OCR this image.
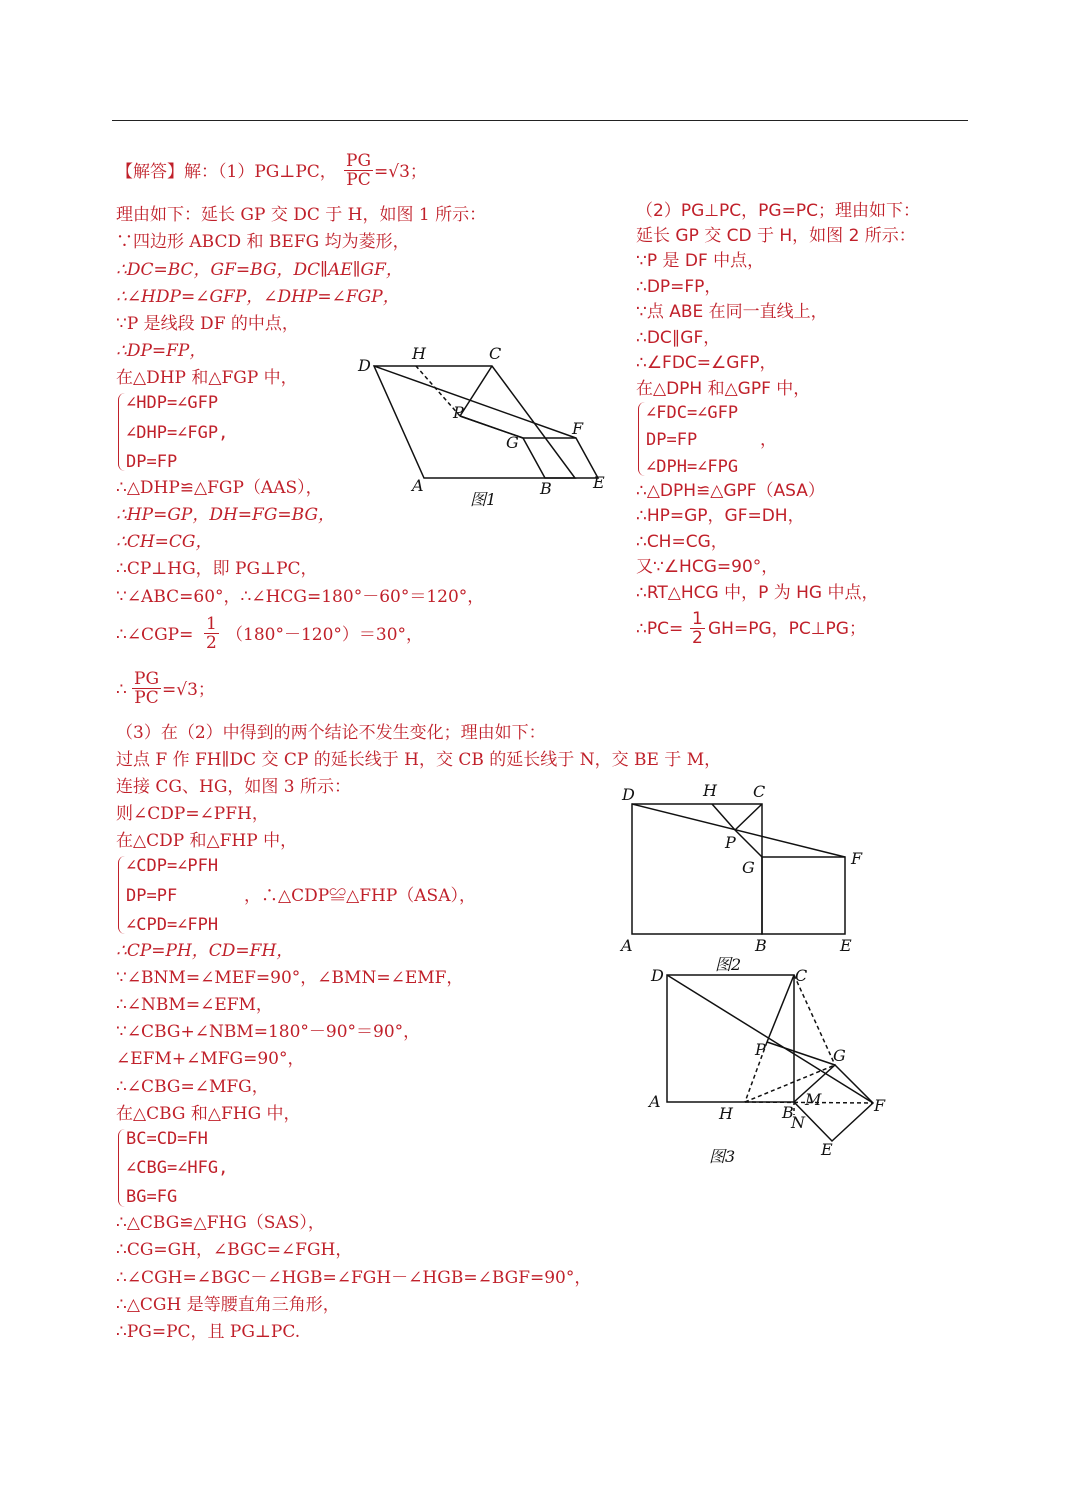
【解答】解：（1）PG⊥PC， $\frac{PG}{PC} =√3$；
理由如下：延长 GP 交 DC 于 H，如图 1 所示：
∵四边形 ABCD 和 BEFG 均为菱形，
∴DC=BC，GF=BG，DC∥AE∥GF，
∴∠HDP=∠GFP，∠DHP=∠FGP，
∵P 是线段 DF 的中点，
∴DP=FP，
在△DHP 和△FGP 中，
∠HDP=∠GFP
∠DHP=∠FGP,
DP=FP
∴△DHP≌△FGP（AAS），
∴HP=GP，DH=FG=BG，
∴CH=CG，
∴CP⊥HG，即 PG⊥PC，
∵∠ABC=60°，∴∠HCG=180°－60°＝120°，
∴∠CGP= $\frac{1}{2} (180^\circ-120^\circ)=30^\circ$，
∴ $\frac{PG}{PC} =√3$；
（3）在（2）中得到的两个结论不发生变化；理由如下：
过点 F 作 FH∥DC 交 CP 的延长线于 H，交 CB 的延长线于 N，交 BE 于 M，
连接 CG、HG，如图 3 所示：
则∠CDP=∠PFH，
在△CDP 和△FHP 中，
∠CDP=∠PFH
DP=PF
∠CPD=∠FPH
，∴△CDP≌△FHP（ASA），
∴CP=PH，CD=FH，
∵∠BNM=∠MEF=90°，∠BMN=∠EMF，
∴∠NBM=∠EFM，
∵∠CBG+∠NBM=180°－90°＝90°，
∠EFM+∠MFG=90°，
∴∠CBG=∠MFG，
在△CBG 和△FHG 中，
BC=CD=FH
∠CBG=∠HFG,
BG=FG
∴△CBG≌△FHG（SAS），
∴CG=GH，∠BGC=∠FGH，
∴∠CGH=∠BGC－∠HGB=∠FGH－∠HGB=∠BGF=90°，
∴△CGH 是等腰直角三角形，
∴PG=PC，且 PG⊥PC.
（2）PG⊥PC，PG=PC；理由如下：
延长 GP 交 CD 于 H，如图 2 所示：
∵P 是 DF 中点，
∴DP=FP，
∵点 ABE 在同一直线上，
∴DC∥GF，
∴∠FDC=∠GFP，
在△DPH 和△GPF 中，
∠FDC=∠GFP
DP=FP
∠DPH=∠FPG
，
∴△DPH≌△GPF（ASA）
∴HP=GP，GF=DH，
∴CH=CG，
又∵∠HCG=90°，
∴RT△HCG 中，P 为 HG 中点，
∴PC= $\frac{1}{2} GH=PG$，PC⊥PG；
D
H	C
P
G
F
A	B	E
图1
D	H C
P
G	F
A	B	E
图2
D	C
P	G
A
H	B
M	F
N
E
图3
